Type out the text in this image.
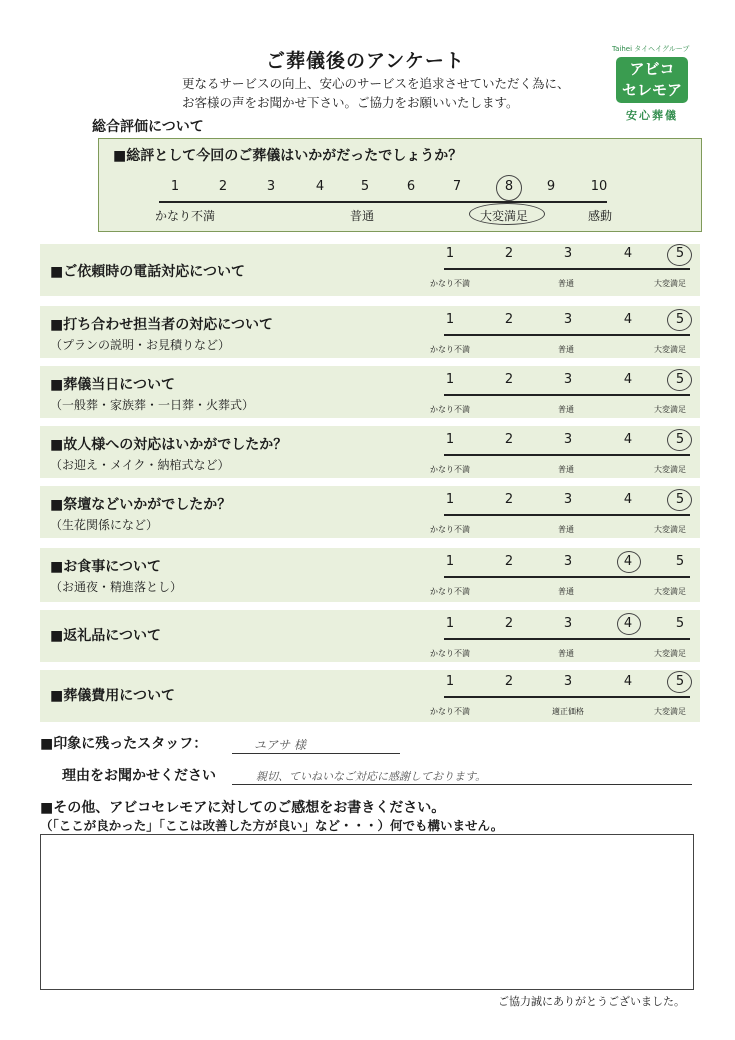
ご葬儀後のアンケート
更なるサービスの向上、安心のサービスを追求させていただく為に、
お客様の声をお聞かせ下さい。ご協力をお願いいたします。
Taihei タイヘイグループ
アビコ
セレモア
安心葬儀
総合評価について
■総評として今回のご葬儀はいかがだったでしょうか？
1	2	3	4	5	6	7	8	9	10
かなり不満	普通	大変満足	感動
■ご依頼時の電話対応について
1	2	3	4	5
かなり不満	普通	大変満足
■打ち合わせ担当者の対応について
（プランの説明・お見積りなど）
1	2	3	4	5
かなり不満	普通	大変満足
■葬儀当日について
（一般葬・家族葬・一日葬・火葬式）
1	2	3	4	5
かなり不満	普通	大変満足
■故人様への対応はいかがでしたか？
（お迎え・メイク・納棺式など）
1	2	3	4	5
かなり不満	普通	大変満足
■祭壇などいかがでしたか？
（生花関係になど）
1	2	3	4	5
かなり不満	普通	大変満足
■お食事について
（お通夜・精進落とし）
1	2	3	4	5
かなり不満	普通	大変満足
■返礼品について
1	2	3	4	5
かなり不満	普通	大変満足
■葬儀費用について
1	2	3	4	5
かなり不満	適正価格	大変満足
■印象に残ったスタッフ：	ユアサ 様
理由をお聞かせください	親切、ていねいなご対応に感謝しております。
■その他、アビコセレモアに対してのご感想をお書きください。
（「ここが良かった」「ここは改善した方が良い」など・・・）何でも構いません。
ご協力誠にありがとうございました。
